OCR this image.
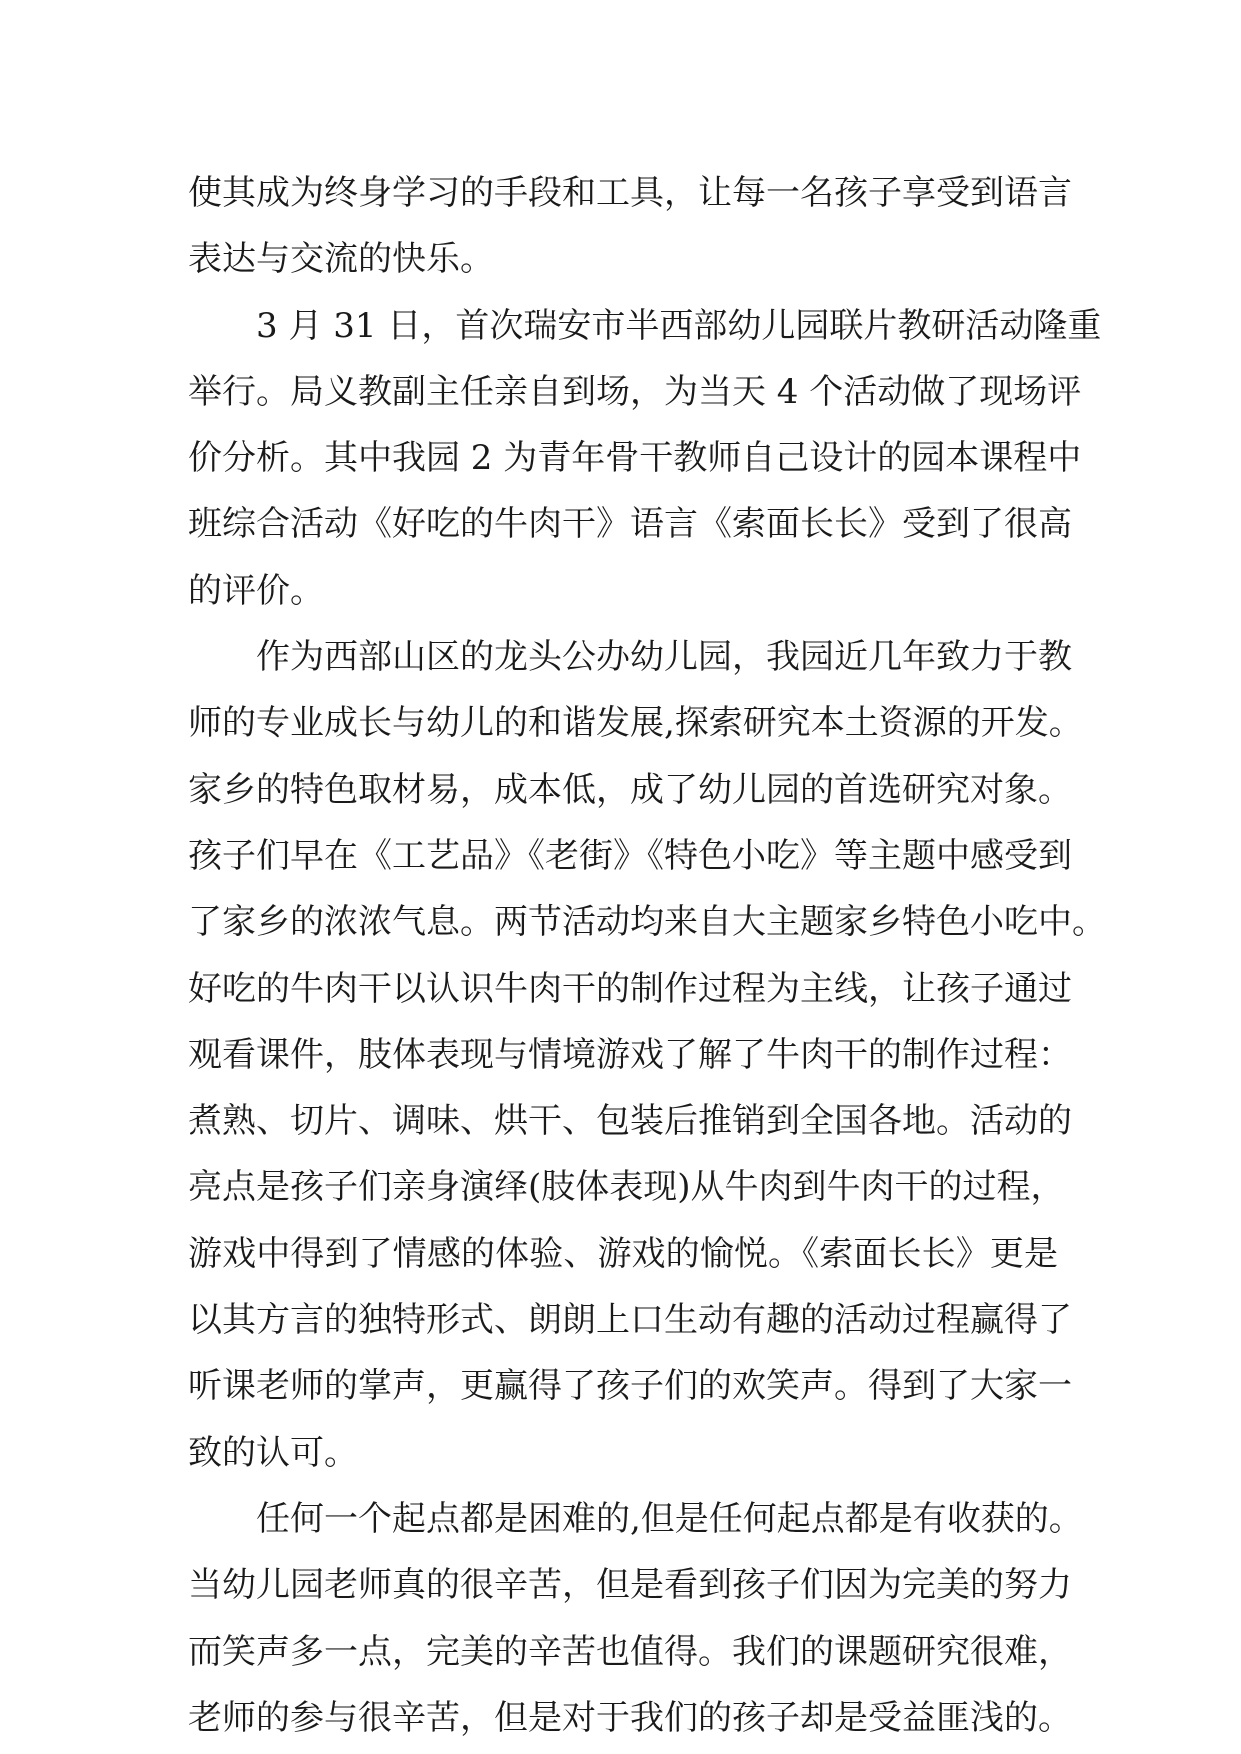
使其成为终身学习的手段和工具，让每一名孩子享受到语言
表达与交流的快乐。
3 月 31 日，首次瑞安市半西部幼儿园联片教研活动隆重
举行。局义教副主任亲自到场，为当天 4 个活动做了现场评
价分析。其中我园 2 为青年骨干教师自己设计的园本课程中
班综合活动《好吃的牛肉干》语言《索面长长》受到了很高
的评价。
作为西部山区的龙头公办幼儿园，我园近几年致力于教
师的专业成长与幼儿的和谐发展,探索研究本土资源的开发。
家乡的特色取材易，成本低，成了幼儿园的首选研究对象。
孩子们早在《工艺品》《老街》《特色小吃》等主题中感受到
了家乡的浓浓气息。两节活动均来自大主题家乡特色小吃中。
好吃的牛肉干以认识牛肉干的制作过程为主线，让孩子通过
观看课件，肢体表现与情境游戏了解了牛肉干的制作过程：
煮熟、切片、调味、烘干、包装后推销到全国各地。活动的
亮点是孩子们亲身演绎(肢体表现)从牛肉到牛肉干的过程，
游戏中得到了情感的体验、游戏的愉悦。《索面长长》更是
以其方言的独特形式、朗朗上口生动有趣的活动过程赢得了
听课老师的掌声，更赢得了孩子们的欢笑声。得到了大家一
致的认可。
任何一个起点都是困难的,但是任何起点都是有收获的。
当幼儿园老师真的很辛苦，但是看到孩子们因为完美的努力
而笑声多一点，完美的辛苦也值得。我们的课题研究很难，
老师的参与很辛苦，但是对于我们的孩子却是受益匪浅的。
